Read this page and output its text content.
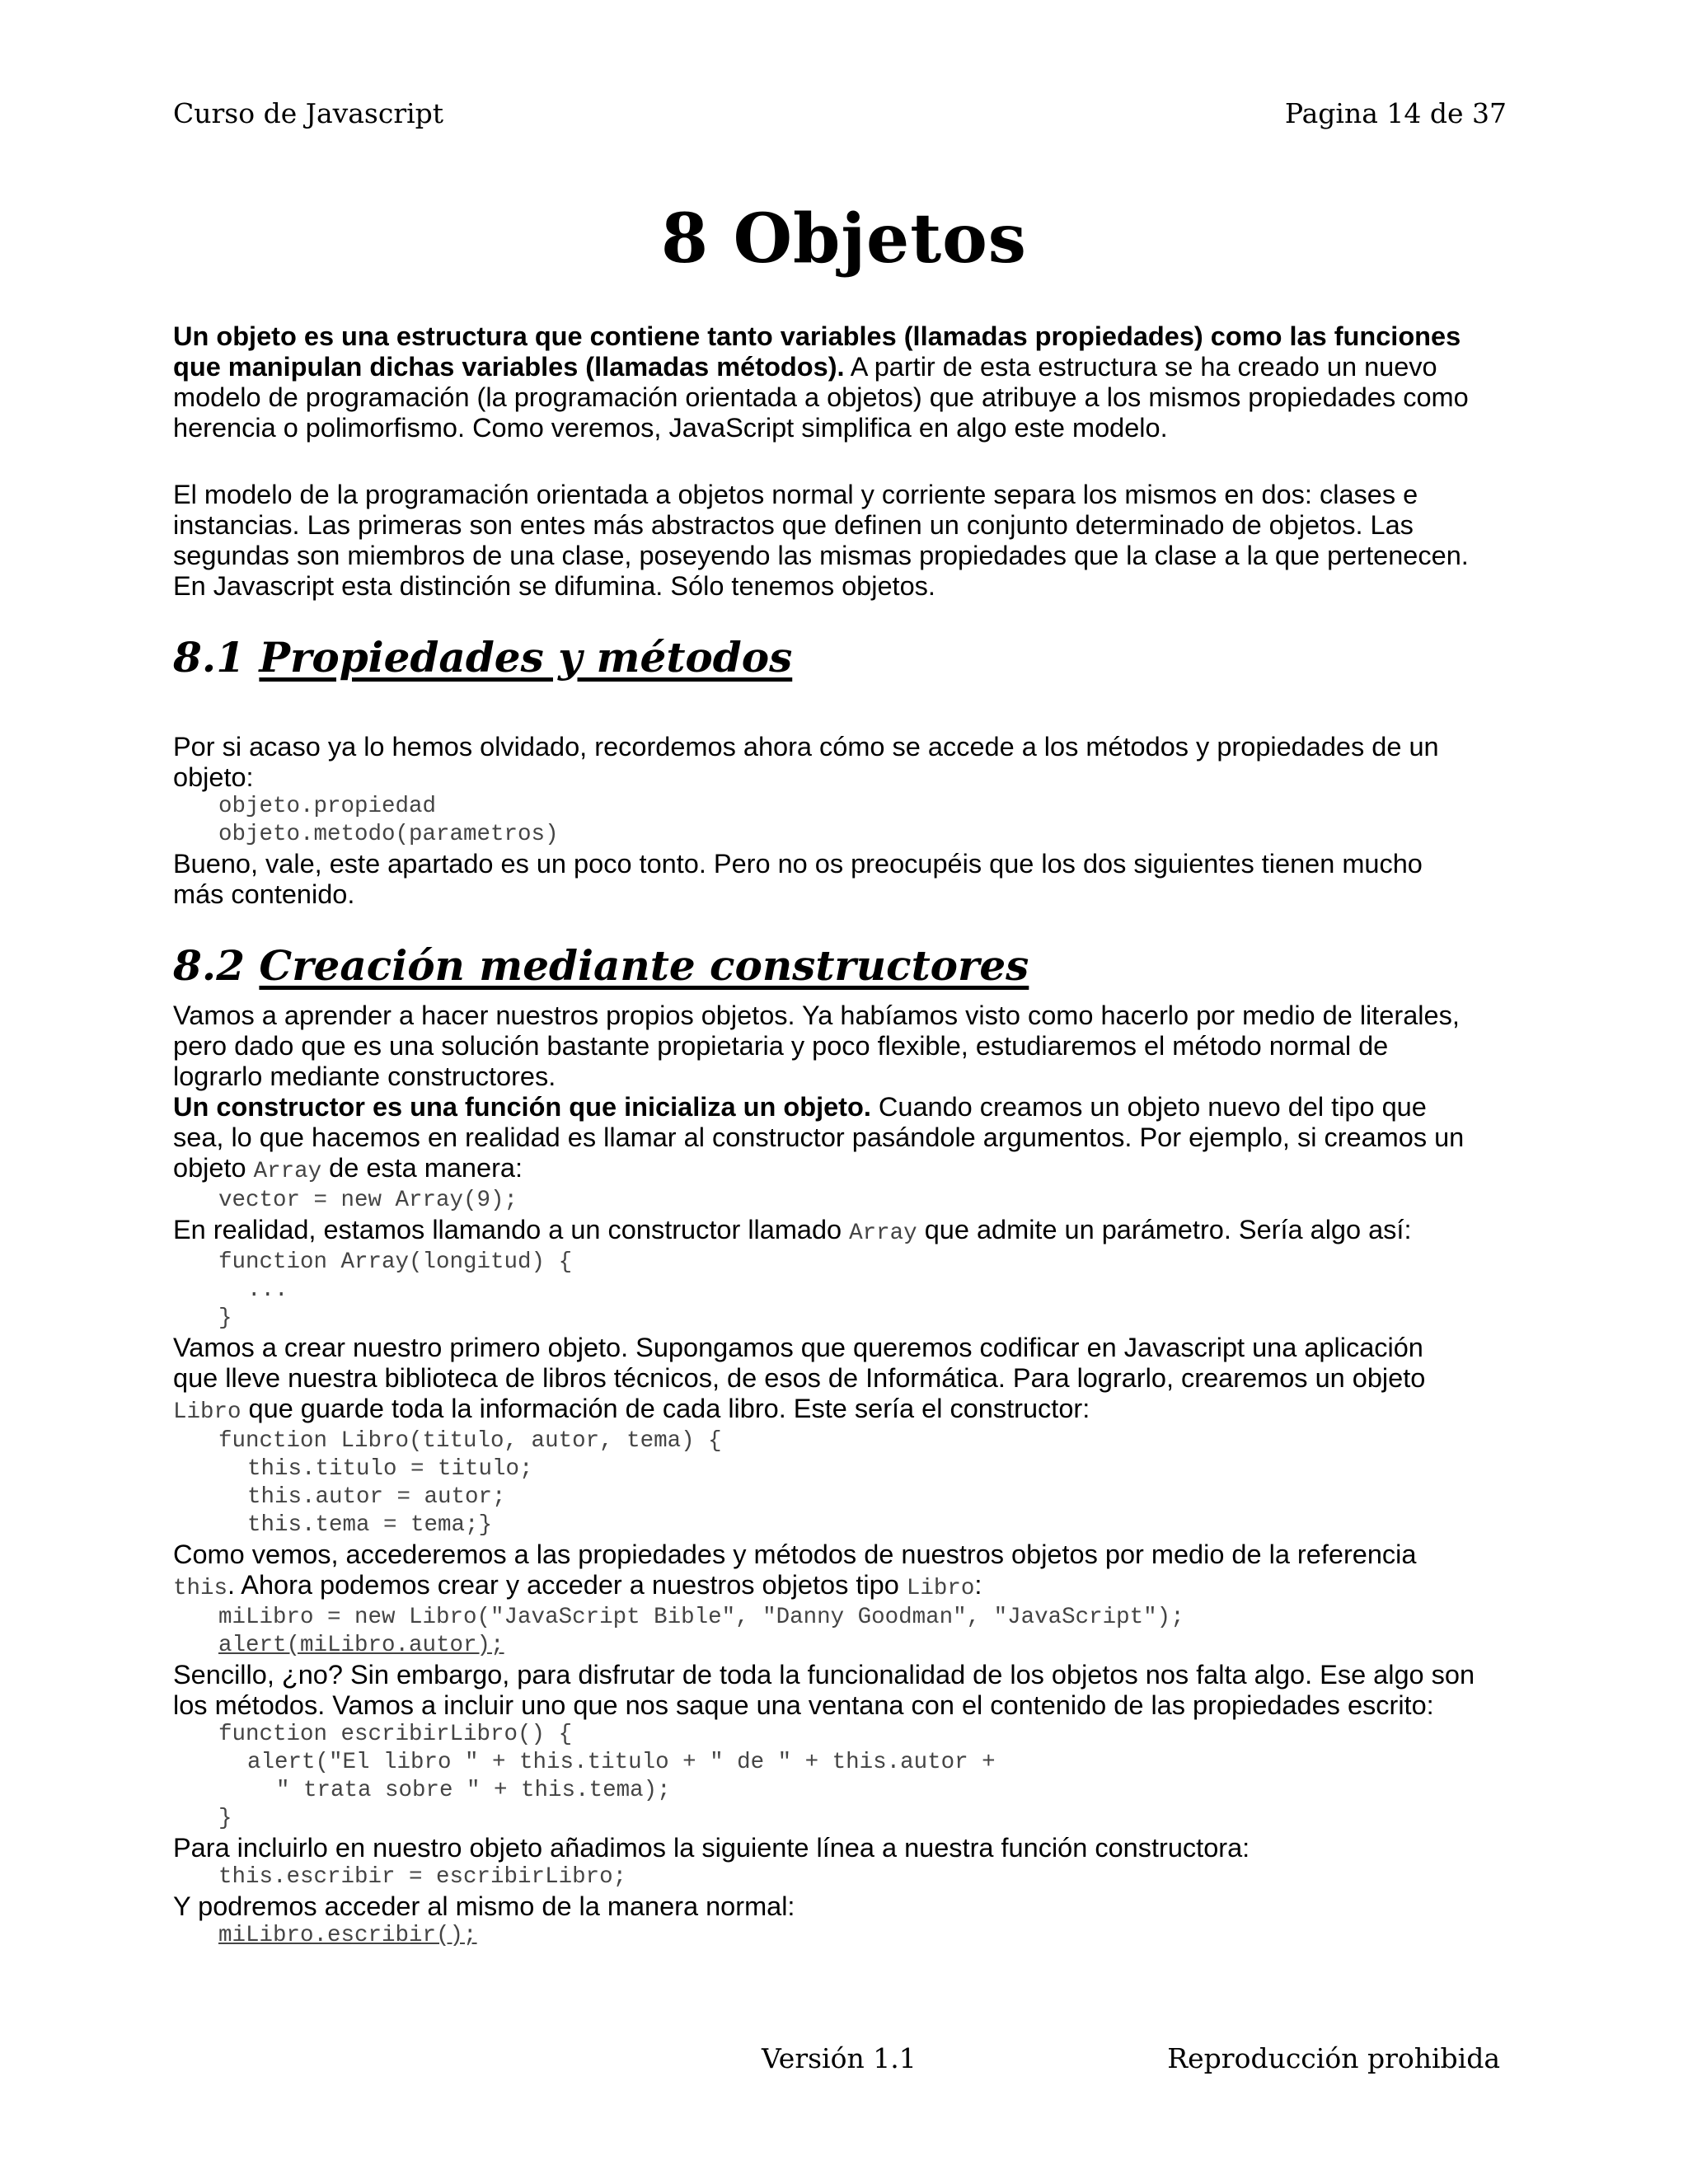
Curso de Javascript	Pagina 14 de 37
8 Objetos

Un objeto es una estructura que contiene tanto variables (llamadas propiedades) como las funciones

que manipulan dichas variables (llamadas métodos). A partir de esta estructura se ha creado un nuevo

modelo de programación (la programación orientada a objetos) que atribuye a los mismos propiedades como

herencia o polimorfismo. Como veremos, JavaScript simplifica en algo este modelo.

El modelo de la programación orientada a objetos normal y corriente separa los mismos en dos: clases e

instancias. Las primeras son entes más abstractos que definen un conjunto determinado de objetos. Las

segundas son miembros de una clase, poseyendo las mismas propiedades que la clase a la que pertenecen.

En Javascript esta distinción se difumina. Sólo tenemos objetos.

8.1 Propiedades y métodos

Por si acaso ya lo hemos olvidado, recordemos ahora cómo se accede a los métodos y propiedades de un

objeto:

objeto.propiedad

objeto.metodo(parametros)

Bueno, vale, este apartado es un poco tonto. Pero no os preocupéis que los dos siguientes tienen mucho

más contenido.

8.2 Creación mediante constructores

Vamos a aprender a hacer nuestros propios objetos. Ya habíamos visto como hacerlo por medio de literales,

pero dado que es una solución bastante propietaria y poco flexible, estudiaremos el método normal de

lograrlo mediante constructores.

Un constructor es una función que inicializa un objeto. Cuando creamos un objeto nuevo del tipo que

sea, lo que hacemos en realidad es llamar al constructor pasándole argumentos. Por ejemplo, si creamos un

objeto Array de esta manera:

vector = new Array(9);

En realidad, estamos llamando a un constructor llamado Array que admite un parámetro. Sería algo así:

function Array(longitud) {

...

}

Vamos a crear nuestro primero objeto. Supongamos que queremos codificar en Javascript una aplicación

que lleve nuestra biblioteca de libros técnicos, de esos de Informática. Para lograrlo, crearemos un objeto

Libro que guarde toda la información de cada libro. Este sería el constructor:

function Libro(titulo, autor, tema) {

this.titulo = titulo;

this.autor = autor;

this.tema = tema;}

Como vemos, accederemos a las propiedades y métodos de nuestros objetos por medio de la referencia

this. Ahora podemos crear y acceder a nuestros objetos tipo Libro:

miLibro = new Libro("JavaScript Bible", "Danny Goodman", "JavaScript");

alert(miLibro.autor);

Sencillo, ¿no? Sin embargo, para disfrutar de toda la funcionalidad de los objetos nos falta algo. Ese algo son

los métodos. Vamos a incluir uno que nos saque una ventana con el contenido de las propiedades escrito:

function escribirLibro() {

alert("El libro " + this.titulo + " de " + this.autor +

" trata sobre " + this.tema);

}

Para incluirlo en nuestro objeto añadimos la siguiente línea a nuestra función constructora:

this.escribir = escribirLibro;

Y podremos acceder al mismo de la manera normal:

miLibro.escribir();

Versión 1.1	Reproducción prohibida
